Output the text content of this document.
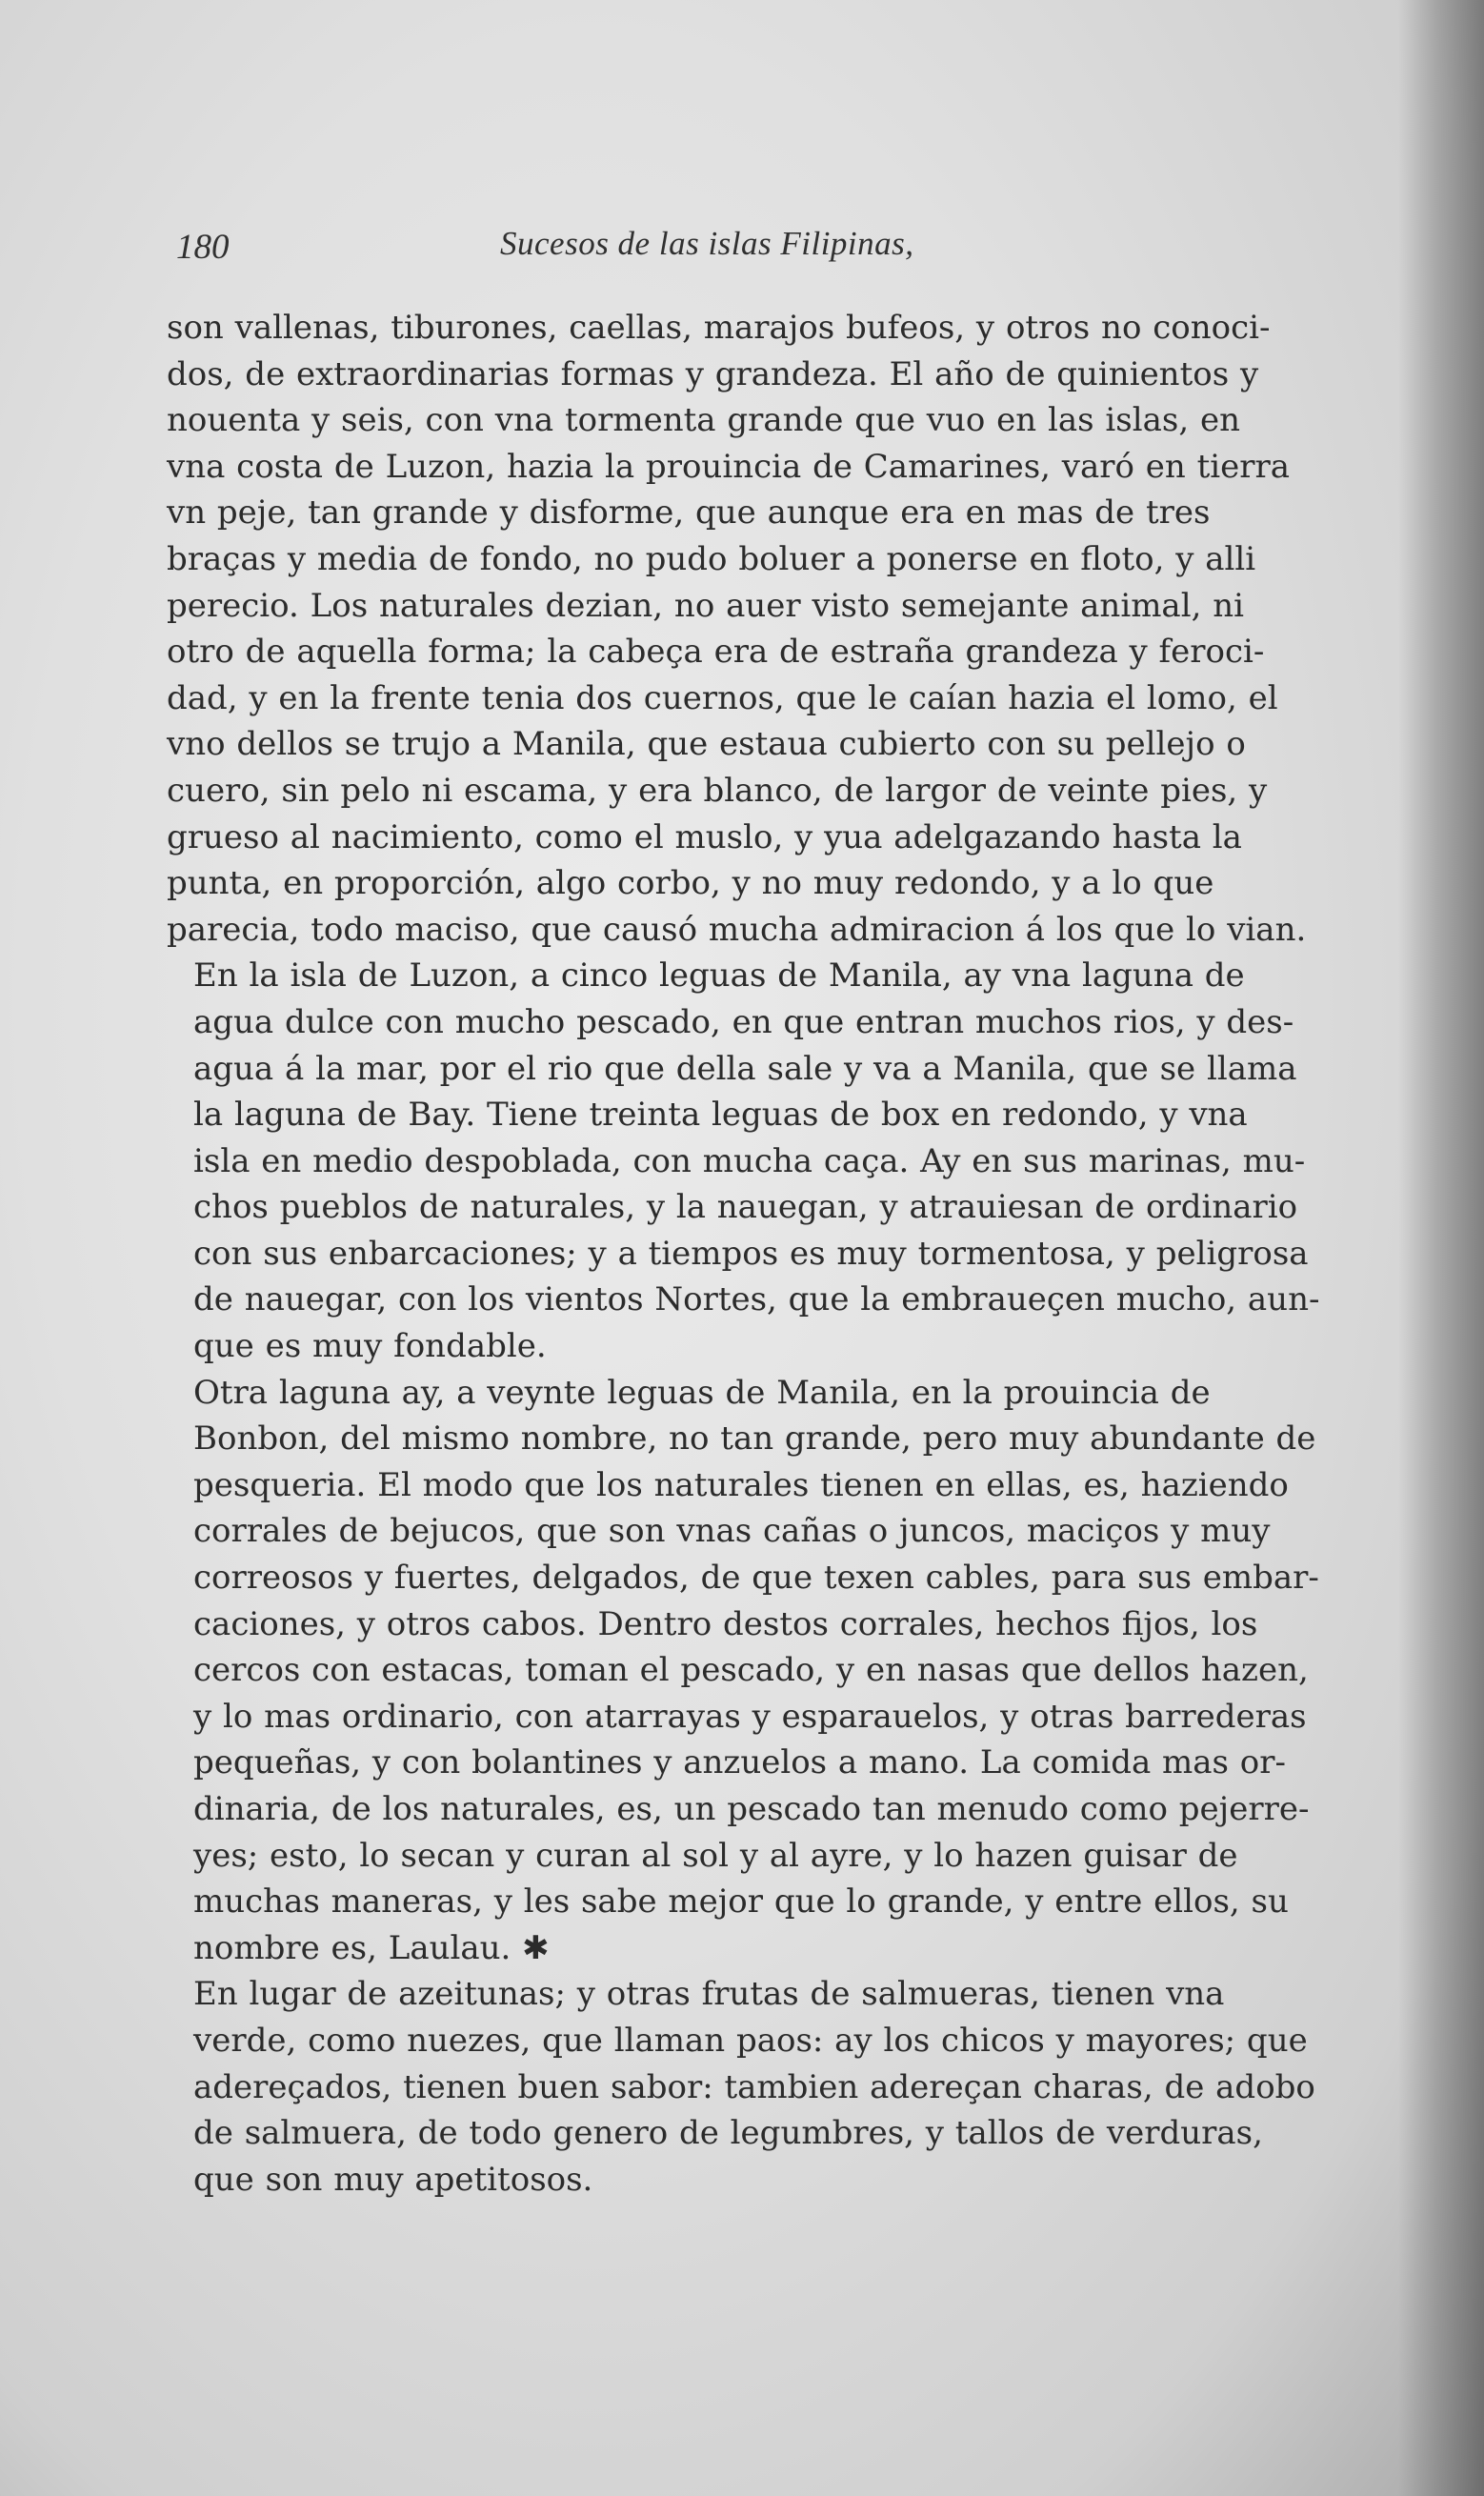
180	Sucesos de las islas Filipinas,

son vallenas, tiburones, caellas, marajos bufeos, y otros no conoci-
dos, de extraordinarias formas y grandeza. El año de quinientos y
nouenta y seis, con vna tormenta grande que vuo en las islas, en
vna costa de Luzon, hazia la prouincia de Camarines, varó en tierra
vn peje, tan grande y disforme, que aunque era en mas de tres
braças y media de fondo, no pudo boluer a ponerse en floto, y alli
perecio. Los naturales dezian, no auer visto semejante animal, ni
otro de aquella forma; la cabeça era de estraña grandeza y feroci-
dad, y en la frente tenia dos cuernos, que le caían hazia el lomo, el
vno dellos se trujo a Manila, que estaua cubierto con su pellejo o
cuero, sin pelo ni escama, y era blanco, de largor de veinte pies, y
grueso al nacimiento, como el muslo, y yua adelgazando hasta la
punta, en proporción, algo corbo, y no muy redondo, y a lo que
parecia, todo maciso, que causó mucha admiracion á los que lo vian.

En la isla de Luzon, a cinco leguas de Manila, ay vna laguna de
agua dulce con mucho pescado, en que entran muchos rios, y des-
agua á la mar, por el rio que della sale y va a Manila, que se llama
la laguna de Bay. Tiene treinta leguas de box en redondo, y vna
isla en medio despoblada, con mucha caça. Ay en sus marinas, mu-
chos pueblos de naturales, y la nauegan, y atrauiesan de ordinario
con sus enbarcaciones; y a tiempos es muy tormentosa, y peligrosa
de nauegar, con los vientos Nortes, que la embraueçen mucho, aun-
que es muy fondable.

Otra laguna ay, a veynte leguas de Manila, en la prouincia de
Bonbon, del mismo nombre, no tan grande, pero muy abundante de
pesqueria. El modo que los naturales tienen en ellas, es, haziendo
corrales de bejucos, que son vnas cañas o juncos, maciços y muy
correosos y fuertes, delgados, de que texen cables, para sus embar-
caciones, y otros cabos. Dentro destos corrales, hechos fijos, los
cercos con estacas, toman el pescado, y en nasas que dellos hazen,
y lo mas ordinario, con atarrayas y esparauelos, y otras barrederas
pequeñas, y con bolantines y anzuelos a mano. La comida mas or-
dinaria, de los naturales, es, un pescado tan menudo como pejerre-
yes; esto, lo secan y curan al sol y al ayre, y lo hazen guisar de
muchas maneras, y les sabe mejor que lo grande, y entre ellos, su
nombre es, Laulau. ✱

En lugar de azeitunas; y otras frutas de salmueras, tienen vna
verde, como nuezes, que llaman paos: ay los chicos y mayores; que
adereçados, tienen buen sabor: tambien adereçan charas, de adobo
de salmuera, de todo genero de legumbres, y tallos de verduras,
que son muy apetitosos.
